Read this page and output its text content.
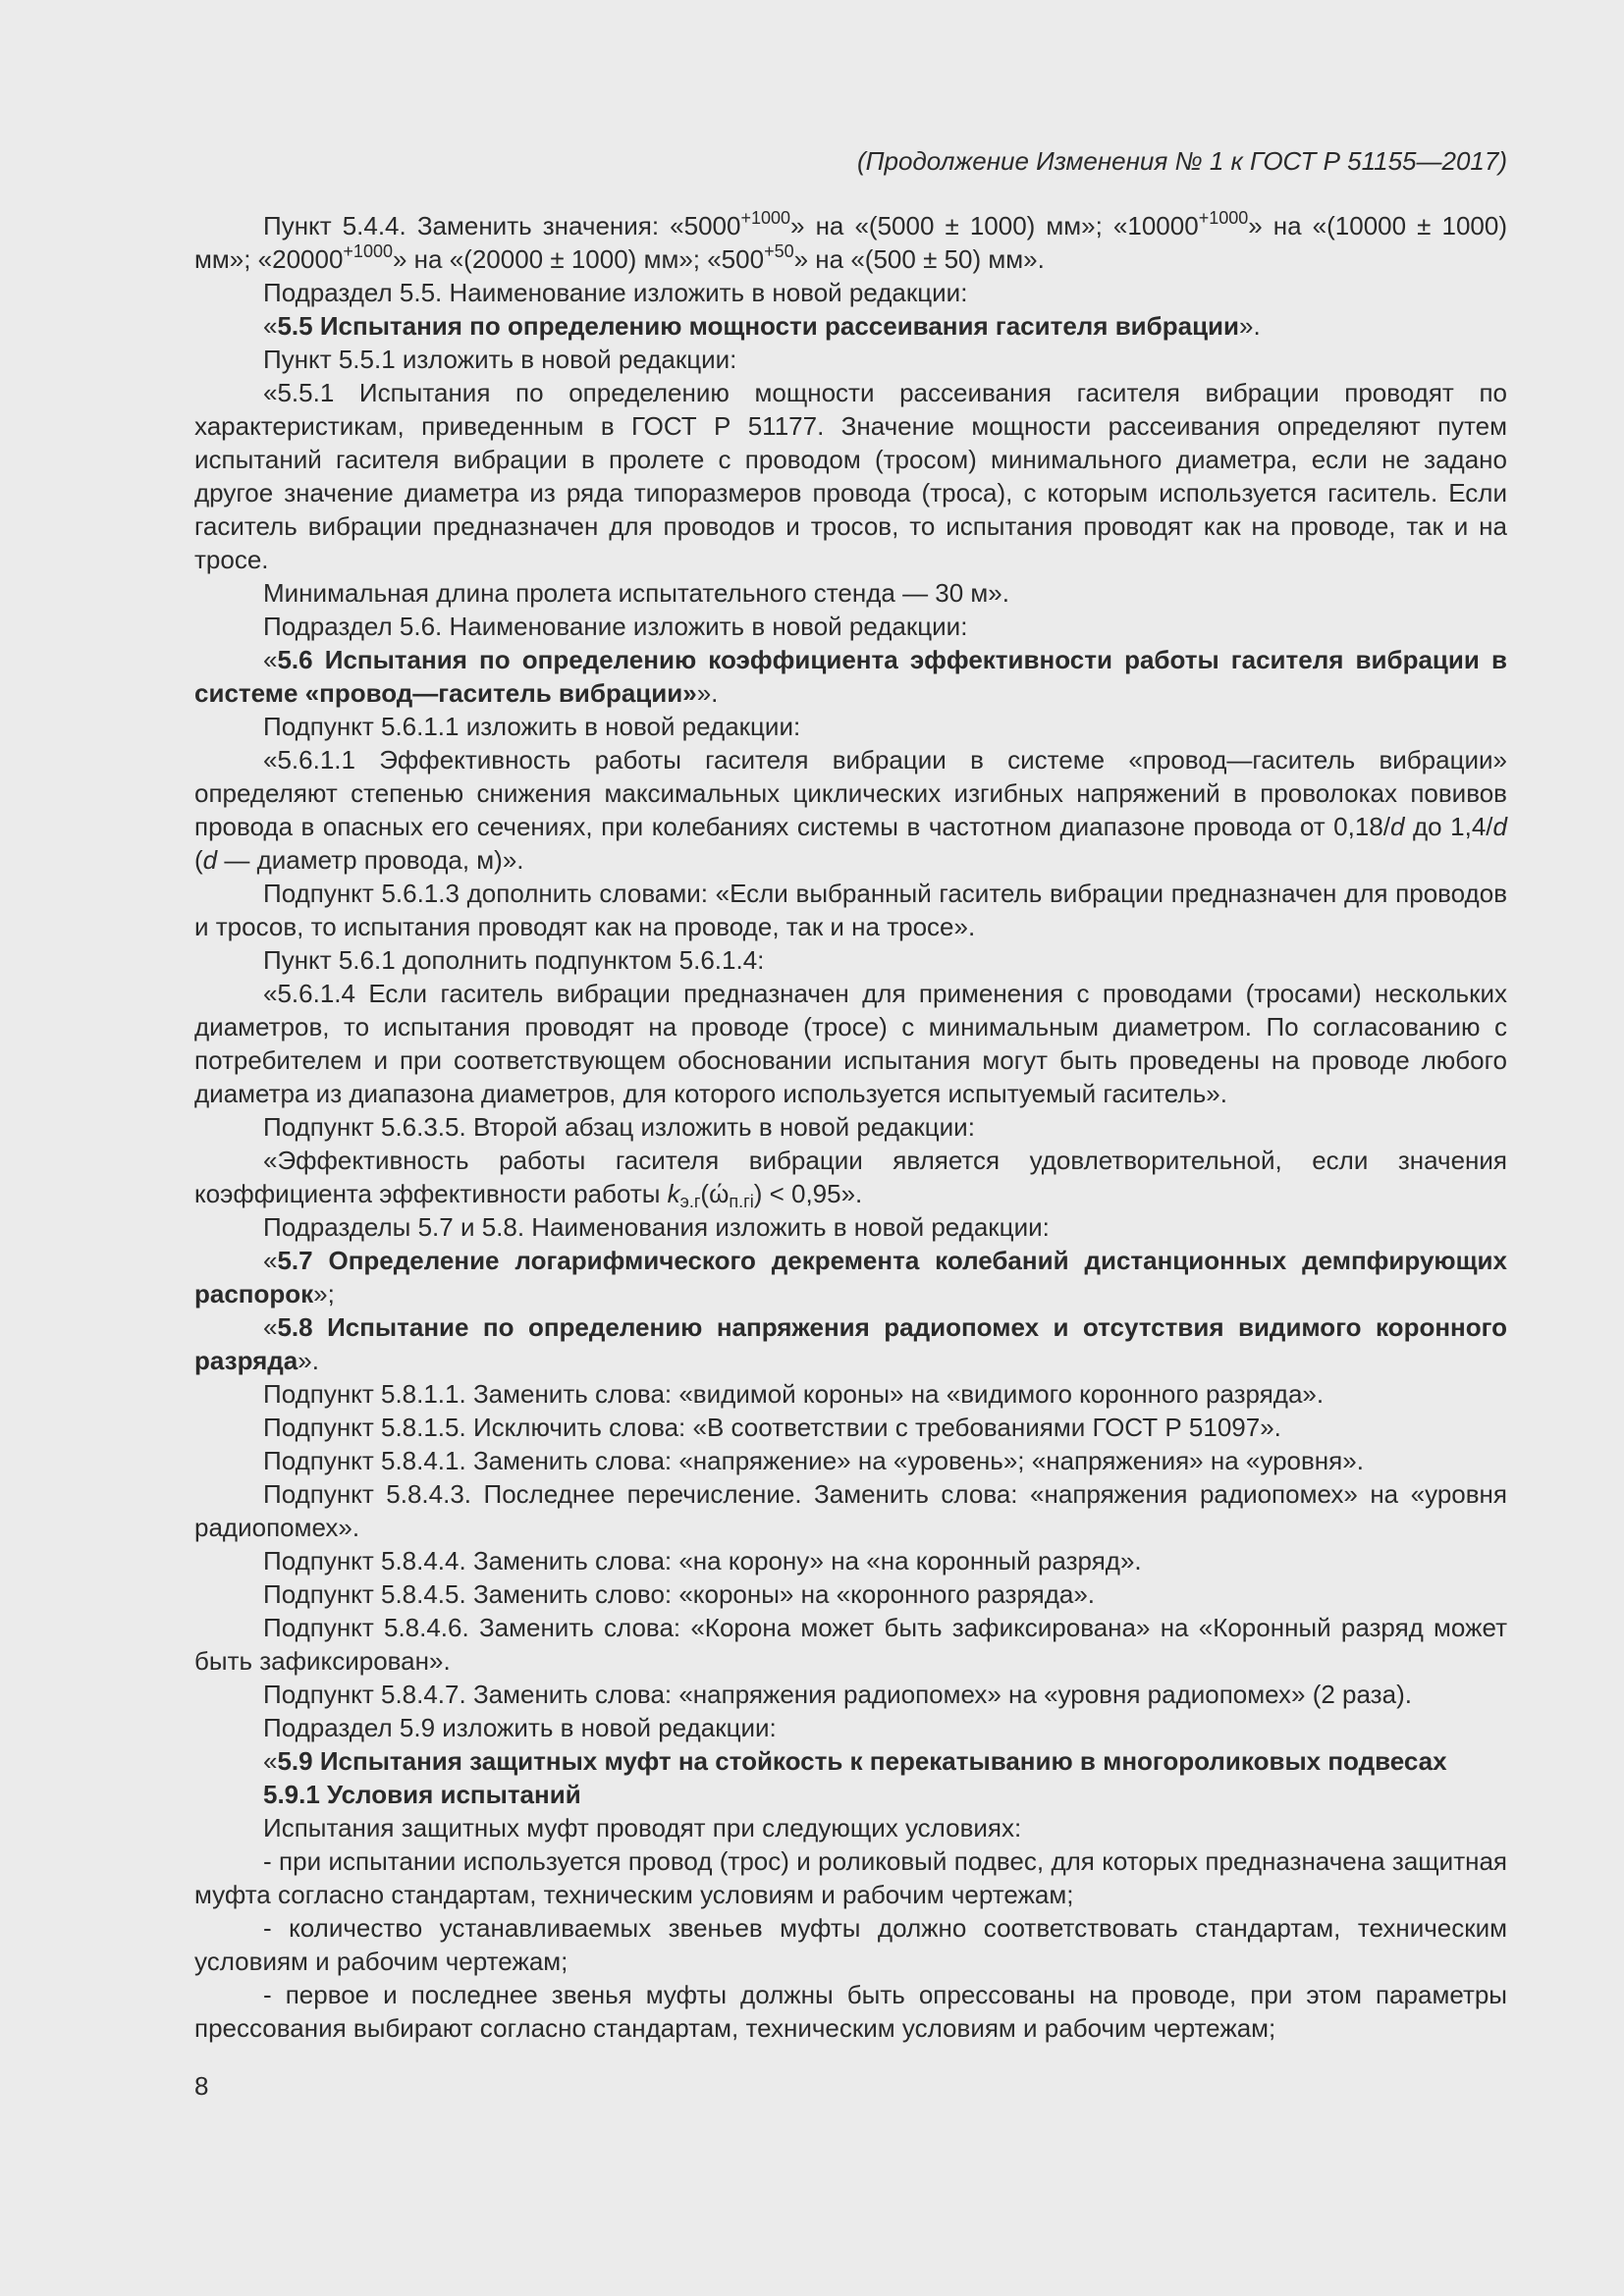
(Продолжение Изменения № 1 к ГОСТ Р 51155—2017)

Пункт 5.4.4. Заменить значения: «$5000^{+1000}$» на «(5000 ± 1000) мм»; «$10000^{+1000}$» на «(10000 ± 1000) мм»; «$20000^{+1000}$» на «(20000 ± 1000) мм»; «$500^{+50}$» на «(500 ± 50) мм».

Подраздел 5.5. Наименование изложить в новой редакции:

«5.5 Испытания по определению мощности рассеивания гасителя вибрации».

Пункт 5.5.1 изложить в новой редакции:

«5.5.1 Испытания по определению мощности рассеивания гасителя вибрации проводят по характеристикам, приведенным в ГОСТ Р 51177. Значение мощности рассеивания определяют путем испытаний гасителя вибрации в пролете с проводом (тросом) минимального диаметра, если не задано другое значение диаметра из ряда типоразмеров провода (троса), с которым используется гаситель. Если гаситель вибрации предназначен для проводов и тросов, то испытания проводят как на проводе, так и на тросе.

Минимальная длина пролета испытательного стенда — 30 м».

Подраздел 5.6. Наименование изложить в новой редакции:

«5.6 Испытания по определению коэффициента эффективности работы гасителя вибрации в системе «провод—гаситель вибрации»».

Подпункт 5.6.1.1 изложить в новой редакции:

«5.6.1.1 Эффективность работы гасителя вибрации в системе «провод—гаситель вибрации» определяют степенью снижения максимальных циклических изгибных напряжений в проволоках повивов провода в опасных его сечениях, при колебаниях системы в частотном диапазоне провода от 0,18/d до 1,4/d (d — диаметр провода, м)».

Подпункт 5.6.1.3 дополнить словами: «Если выбранный гаситель вибрации предназначен для проводов и тросов, то испытания проводят как на проводе, так и на тросе».

Пункт 5.6.1 дополнить подпунктом 5.6.1.4:

«5.6.1.4 Если гаситель вибрации предназначен для применения с проводами (тросами) нескольких диаметров, то испытания проводят на проводе (тросе) с минимальным диаметром. По согласованию с потребителем и при соответствующем обосновании испытания могут быть проведены на проводе любого диаметра из диапазона диаметров, для которого используется испытуемый гаситель».

Подпункт 5.6.3.5. Второй абзац изложить в новой редакции:

«Эффективность работы гасителя вибрации является удовлетворительной, если значения коэффициента эффективности работы $k_{э.г}(ώ_{п.гi}) < 0,95$».

Подразделы 5.7 и 5.8. Наименования изложить в новой редакции:

«5.7 Определение логарифмического декремента колебаний дистанционных демпфирующих распорок»;

«5.8 Испытание по определению напряжения радиопомех и отсутствия видимого коронного разряда».

Подпункт 5.8.1.1. Заменить слова: «видимой короны» на «видимого коронного разряда».

Подпункт 5.8.1.5. Исключить слова: «В соответствии с требованиями ГОСТ Р 51097».

Подпункт 5.8.4.1. Заменить слова: «напряжение» на «уровень»; «напряжения» на «уровня».

Подпункт 5.8.4.3. Последнее перечисление. Заменить слова: «напряжения радиопомех» на «уровня радиопомех».

Подпункт 5.8.4.4. Заменить слова: «на корону» на «на коронный разряд».

Подпункт 5.8.4.5. Заменить слово: «короны» на «коронного разряда».

Подпункт 5.8.4.6. Заменить слова: «Корона может быть зафиксирована» на «Коронный разряд может быть зафиксирован».

Подпункт 5.8.4.7. Заменить слова: «напряжения радиопомех» на «уровня радиопомех» (2 раза).

Подраздел 5.9 изложить в новой редакции:

«5.9 Испытания защитных муфт на стойкость к перекатыванию в многороликовых подвесах

5.9.1 Условия испытаний

Испытания защитных муфт проводят при следующих условиях:

- при испытании используется провод (трос) и роликовый подвес, для которых предназначена защитная муфта согласно стандартам, техническим условиям и рабочим чертежам;

- количество устанавливаемых звеньев муфты должно соответствовать стандартам, техническим условиям и рабочим чертежам;

- первое и последнее звенья муфты должны быть опрессованы на проводе, при этом параметры прессования выбирают согласно стандартам, техническим условиям и рабочим чертежам;

8
